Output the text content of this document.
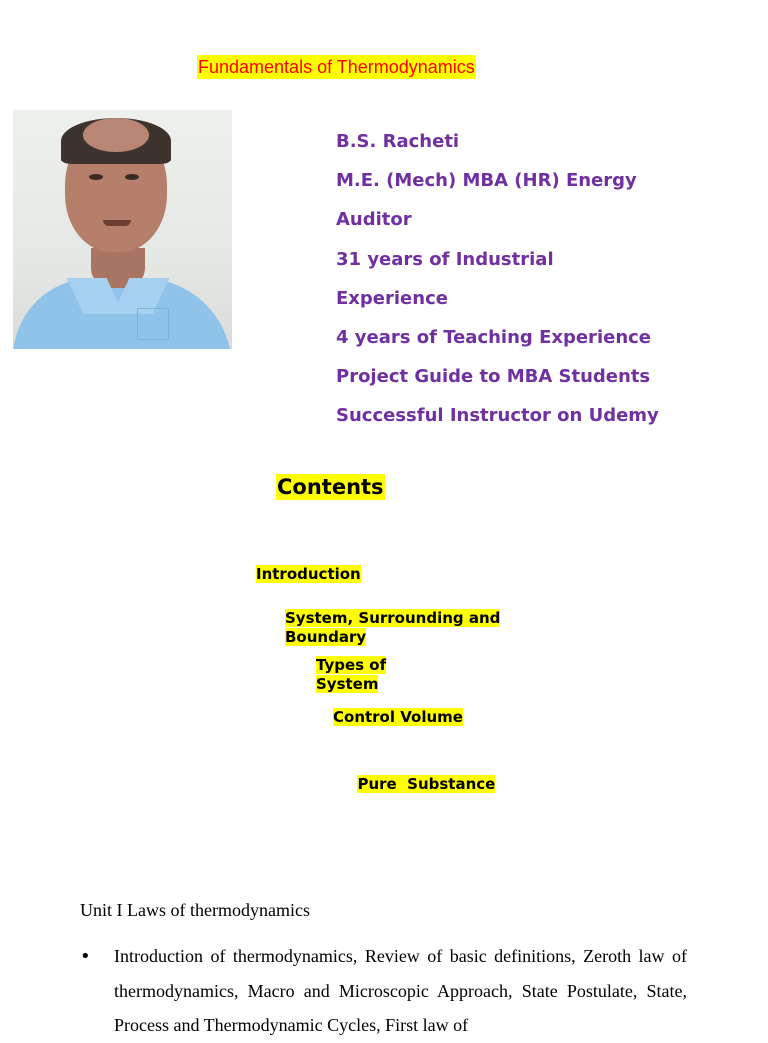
Fundamentals of Thermodynamics
B.S. Racheti
M.E. (Mech) MBA (HR) Energy
Auditor
31 years of Industrial
Experience
4 years of Teaching Experience
Project Guide to MBA Students
Successful Instructor on Udemy
Contents
Introduction
System, Surrounding and Boundary
Types of System
Control Volume

Pure  Substance

Unit I Laws of thermodynamics
• Introduction of thermodynamics, Review of basic definitions, Zeroth law of thermodynamics, Macro and Microscopic Approach, State Postulate, State, Process and Thermodynamic Cycles, First law of
